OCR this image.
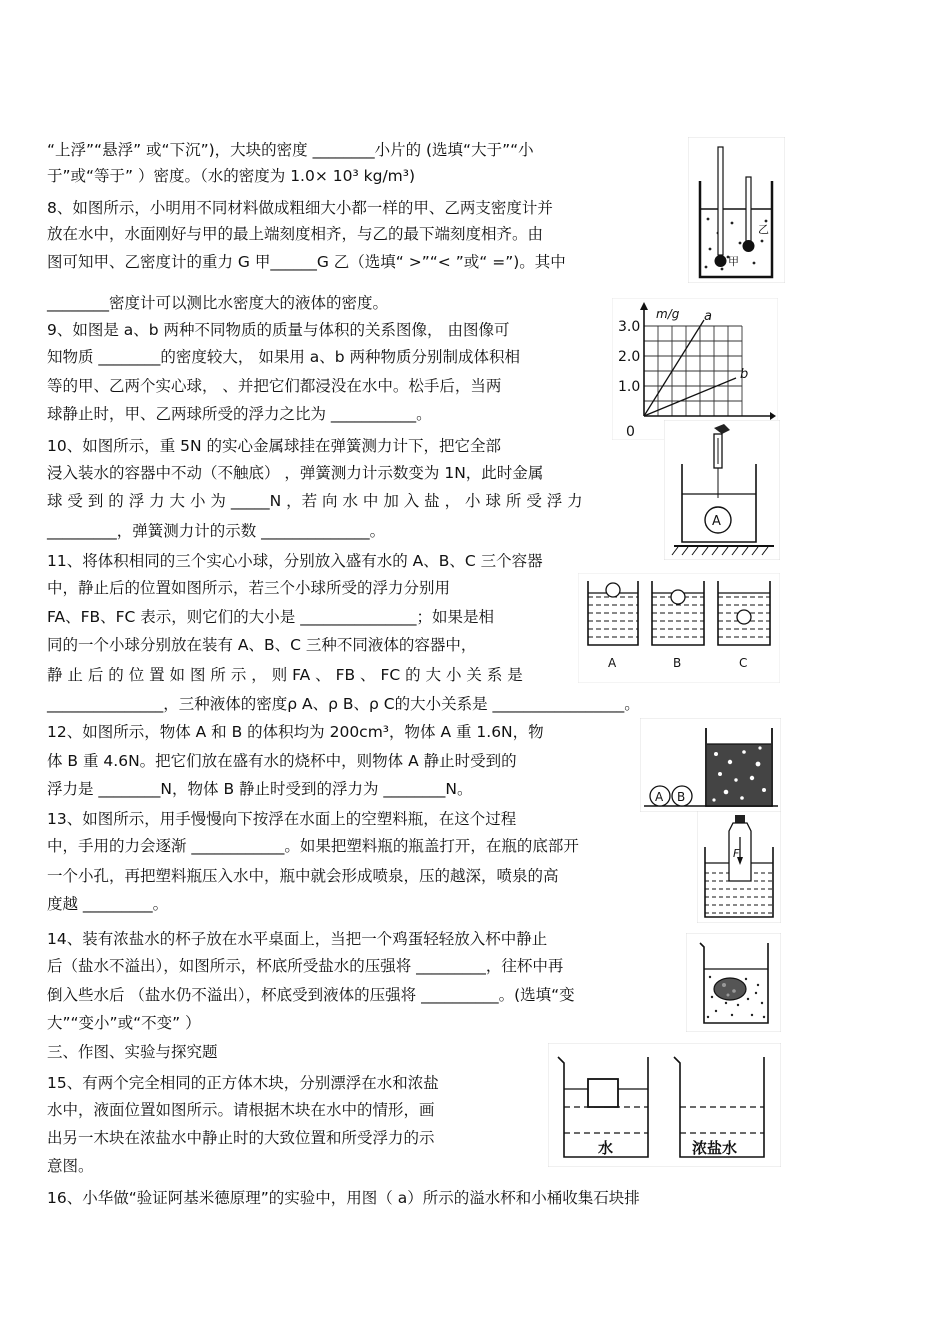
“上浮”“悬浮” 或“下沉”)，大块的密度 ________小片的 (选填“大于”“小
于”或“等于” ）密度。（水的密度为 1.0× 10³ kg/m³)
8、如图所示，小明用不同材料做成粗细大小都一样的甲、乙两支密度计并
放在水中，水面刚好与甲的最上端刻度相齐，与乙的最下端刻度相齐。由
图可知甲、乙密度计的重力 G 甲______G 乙（选填“ >”“< ”或“ =”)。其中
________密度计可以测比水密度大的液体的密度。
9、如图是 a、b 两种不同物质的质量与体积的关系图像， 由图像可
知物质 ________的密度较大， 如果用 a、b 两种物质分别制成体积相
等的甲、乙两个实心球， 、并把它们都浸没在水中。松手后，当两
球静止时，甲、乙两球所受的浮力之比为 ___________。
10、如图所示，重 5N 的实心金属球挂在弹簧测力计下，把它全部
浸入装水的容器中不动（不触底） ，弹簧测力计示数变为 1N，此时金属
球 受 到 的 浮 力 大 小 为 _____N ，若 向 水 中 加 入 盐 ， 小 球 所 受 浮 力
_________，弹簧测力计的示数 ______________。
11、将体积相同的三个实心小球，分别放入盛有水的 A、B、C 三个容器
中，静止后的位置如图所示，若三个小球所受的浮力分别用
FA、FB、FC 表示，则它们的大小是 _______________；如果是相
同的一个小球分别放在装有 A、B、C 三种不同液体的容器中，
静 止 后 的 位 置 如 图 所 示 ， 则 FA 、 FB 、 FC 的 大 小 关 系 是
_______________，三种液体的密度ρ A、ρ B、ρ C的大小关系是 _________________。
12、如图所示，物体 A 和 B 的体积均为 200cm³，物体 A 重 1.6N，物
体 B 重 4.6N。把它们放在盛有水的烧杯中，则物体 A 静止时受到的
浮力是 ________N，物体 B 静止时受到的浮力为 ________N。
13、如图所示，用手慢慢向下按浮在水面上的空塑料瓶，在这个过程
中，手用的力会逐渐 ____________。如果把塑料瓶的瓶盖打开，在瓶的底部开
一个小孔，再把塑料瓶压入水中，瓶中就会形成喷泉，压的越深，喷泉的高
度越 _________。
14、装有浓盐水的杯子放在水平桌面上，当把一个鸡蛋轻轻放入杯中静止
后（盐水不溢出），如图所示，杯底所受盐水的压强将 _________，往杯中再
倒入些水后 （盐水仍不溢出），杯底受到液体的压强将 __________。(选填“变
大”“变小”或“不变” ）
三、作图、实验与探究题
15、有两个完全相同的正方体木块，分别漂浮在水和浓盐
水中，液面位置如图所示。请根据木块在水中的情形，画
出另一木块在浓盐水中静止时的大致位置和所受浮力的示
意图。
16、小华做“验证阿基米德原理”的实验中，用图（ a）所示的溢水杯和小桶收集石块排
甲
乙
m/g
3.0
2.0
1.0
0
a
b
A
A	B	C
A B
F
水	浓盐水
